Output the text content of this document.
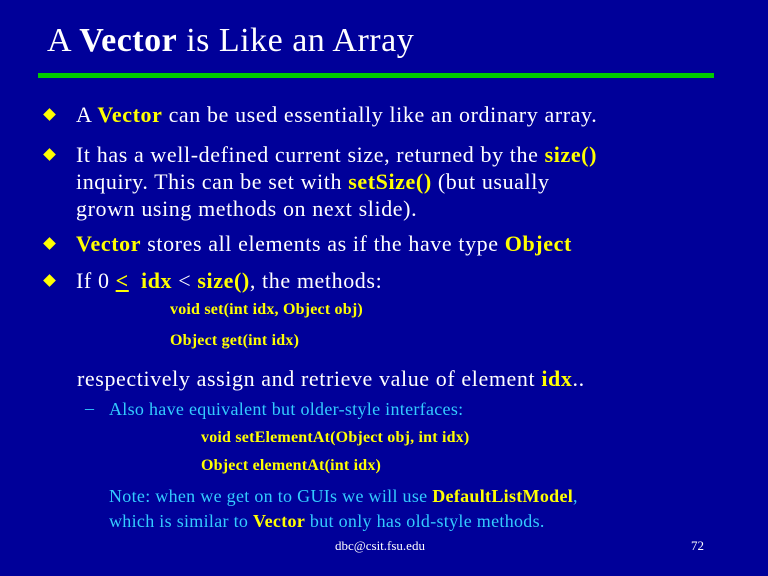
A Vector is Like an Array
A Vector can be used essentially like an ordinary array.
It has a well-defined current size, returned by the size()
inquiry. This can be set with setSize() (but usually
grown using methods on next slide).
Vector stores all elements as if the have type Object
If 0 < idx < size(), the methods:
void set(int idx, Object obj)
Object get(int idx)
respectively assign and retrieve value of element idx..
– Also have equivalent but older-style interfaces:
void setElementAt(Object obj, int idx)
Object elementAt(int idx)
Note: when we get on to GUIs we will use DefaultListModel,
which is similar to Vector but only has old-style methods.
dbc@csit.fsu.edu	72
